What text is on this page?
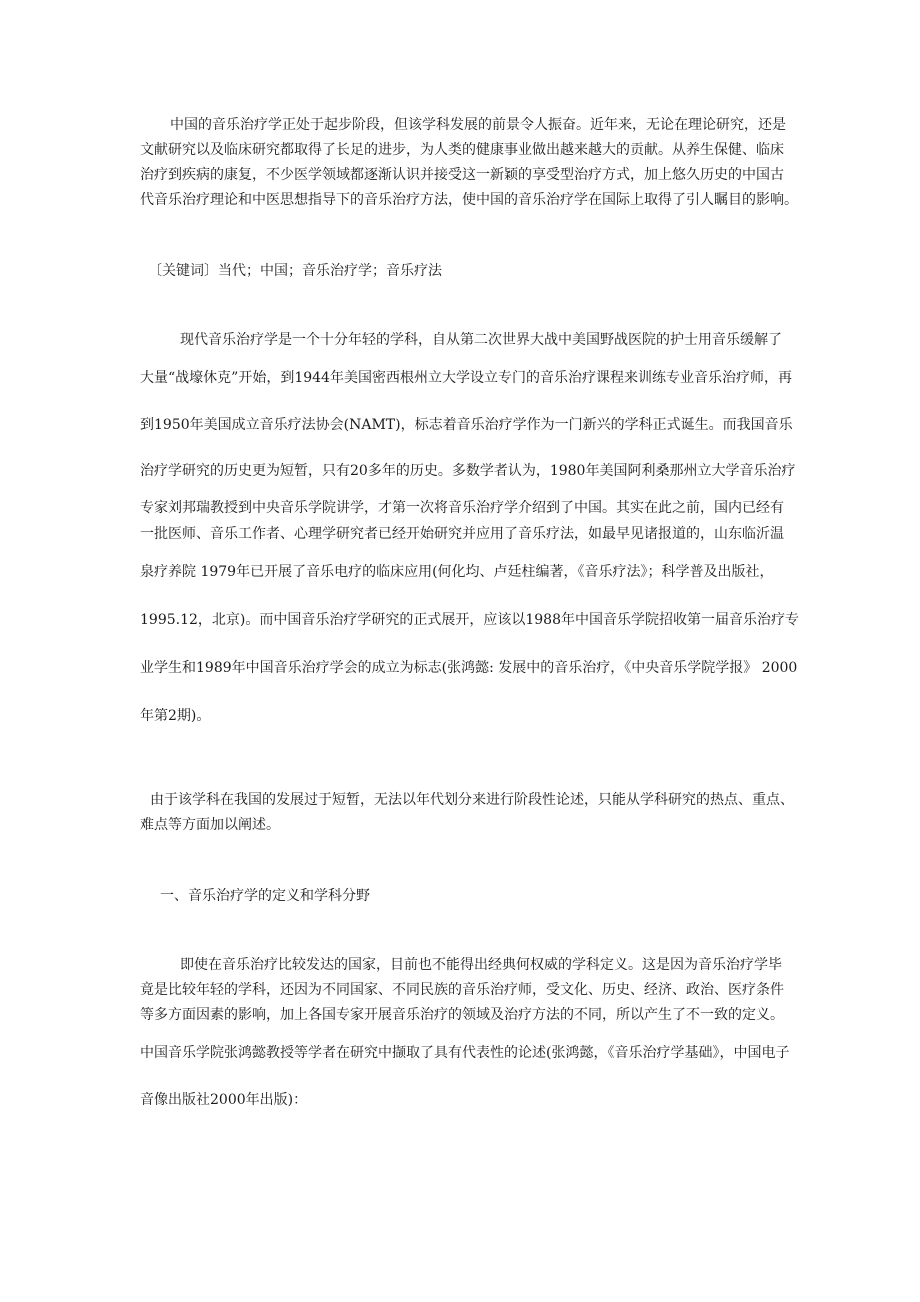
中国的音乐治疗学正处于起步阶段，但该学科发展的前景令人振奋。近年来，无论在理论研究，还是
文献研究以及临床研究都取得了长足的进步，为人类的健康事业做出越来越大的贡献。从养生保健、临床
治疗到疾病的康复，不少医学领域都逐渐认识并接受这一新颖的享受型治疗方式，加上悠久历史的中国古
代音乐治疗理论和中医思想指导下的音乐治疗方法，使中国的音乐治疗学在国际上取得了引人瞩目的影响。
〔关键词〕当代；中国；音乐治疗学；音乐疗法
现代音乐治疗学是一个十分年轻的学科，自从第二次世界大战中美国野战医院的护士用音乐缓解了
大量“战壕休克”开始，到1944年美国密西根州立大学设立专门的音乐治疗课程来训练专业音乐治疗师，再
到1950年美国成立音乐疗法协会(NAMT)，标志着音乐治疗学作为一门新兴的学科正式诞生。而我国音乐
治疗学研究的历史更为短暂，只有20多年的历史。多数学者认为，1980年美国阿利桑那州立大学音乐治疗
专家刘邦瑞教授到中央音乐学院讲学，才第一次将音乐治疗学介绍到了中国。其实在此之前，国内已经有
一批医师、音乐工作者、心理学研究者已经开始研究并应用了音乐疗法，如最早见诸报道的，山东临沂温
泉疗养院 1979年已开展了音乐电疗的临床应用(何化均、卢廷柱编著，《音乐疗法》；科学普及出版社，
1995.12，北京)。而中国音乐治疗学研究的正式展开，应该以1988年中国音乐学院招收第一届音乐治疗专
业学生和1989年中国音乐治疗学会的成立为标志(张鸿懿: 发展中的音乐治疗，《中央音乐学院学报》 2000
年第2期)。
由于该学科在我国的发展过于短暂，无法以年代划分来进行阶段性论述，只能从学科研究的热点、重点、
难点等方面加以阐述。
一、音乐治疗学的定义和学科分野
即使在音乐治疗比较发达的国家，目前也不能得出经典何权威的学科定义。这是因为音乐治疗学毕
竟是比较年轻的学科，还因为不同国家、不同民族的音乐治疗师，受文化、历史、经济、政治、医疗条件
等多方面因素的影响，加上各国专家开展音乐治疗的领域及治疗方法的不同，所以产生了不一致的定义。
中国音乐学院张鸿懿教授等学者在研究中撷取了具有代表性的论述(张鸿懿，《音乐治疗学基础》，中国电子
音像出版社2000年出版)：
